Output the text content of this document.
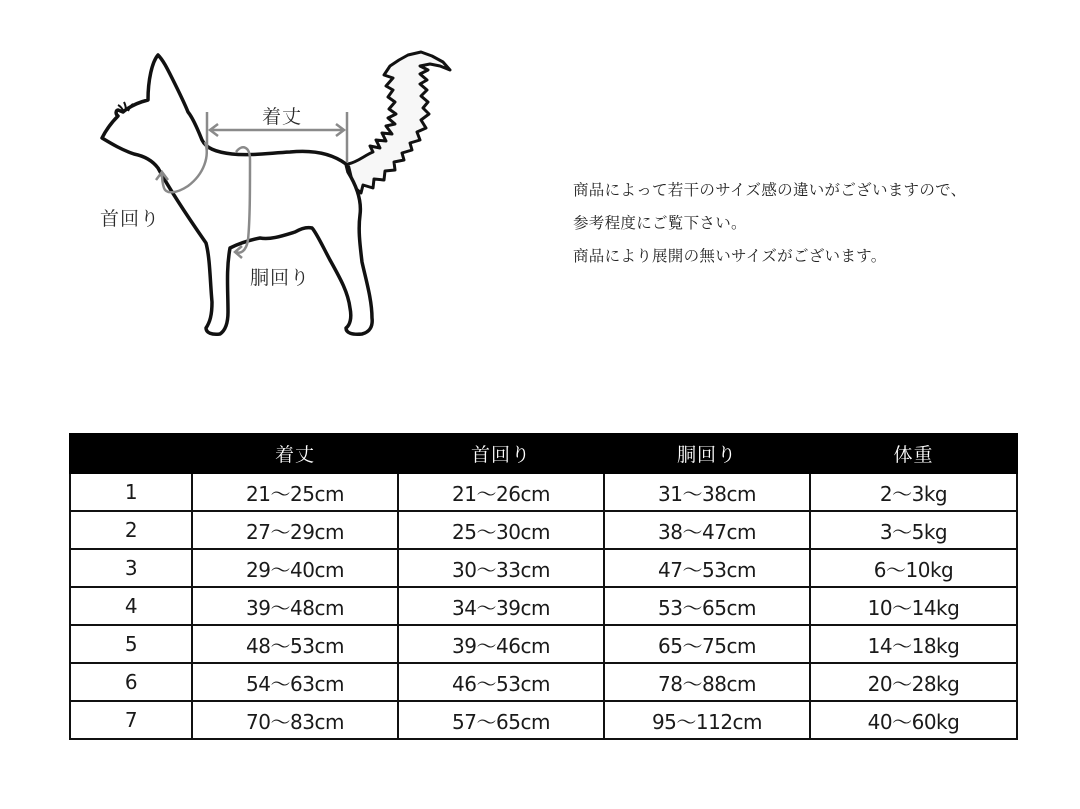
着丈
首回り
胴回り
商品によって若干のサイズ感の違いがございますので、
参考程度にご覧下さい。
商品により展開の無いサイズがございます。
	着丈	首回り	胴回り	体重
1	21〜25cm	21〜26cm	31〜38cm	2〜3kg
2	27〜29cm	25〜30cm	38〜47cm	3〜5kg
3	29〜40cm	30〜33cm	47〜53cm	6〜10kg
4	39〜48cm	34〜39cm	53〜65cm	10〜14kg
5	48〜53cm	39〜46cm	65〜75cm	14〜18kg
6	54〜63cm	46〜53cm	78〜88cm	20〜28kg
7	70〜83cm	57〜65cm	95〜112cm	40〜60kg
